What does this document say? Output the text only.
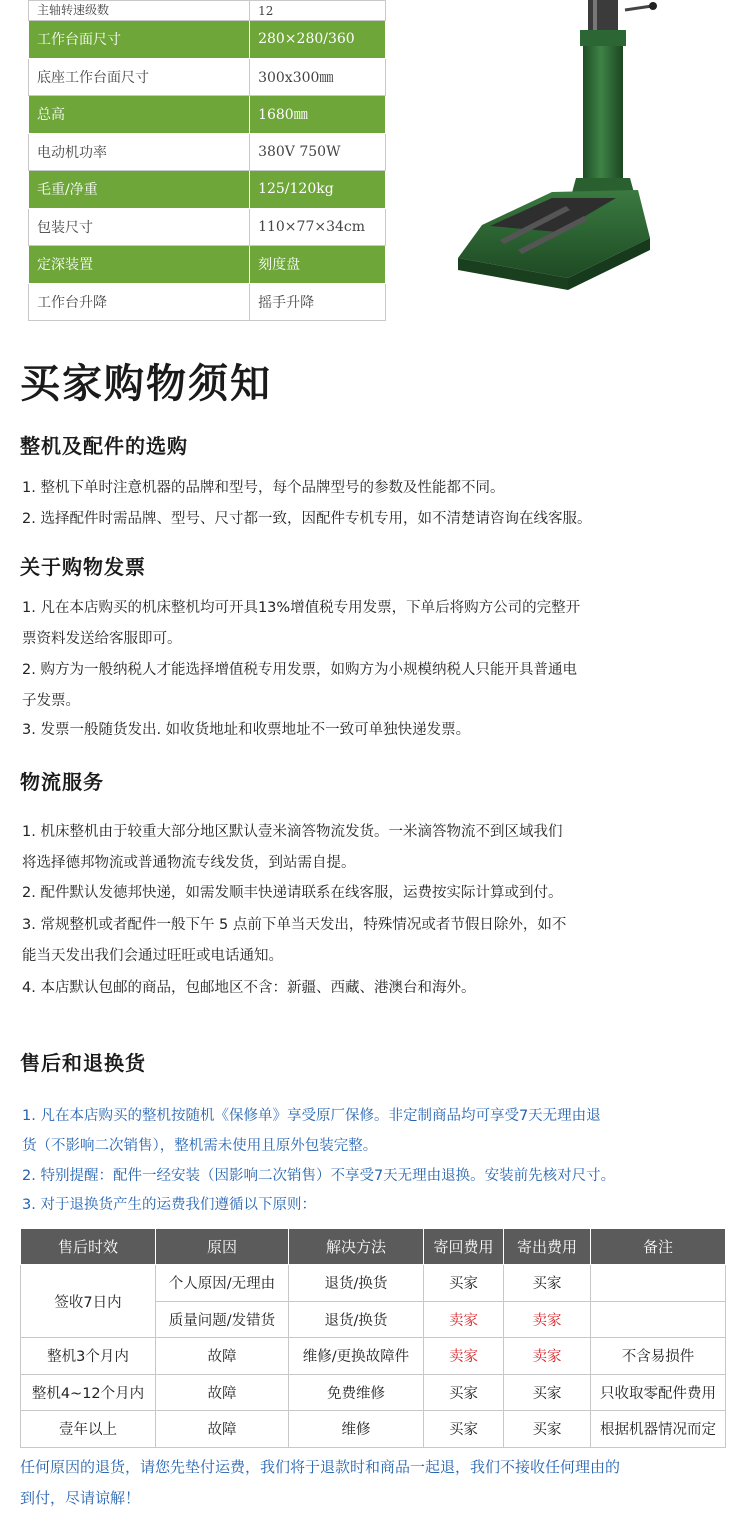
主轴转速级数	12
工作台面尺寸	280×280/360
底座工作台面尺寸	300x300㎜
总高	1680㎜
电动机功率	380V 750W
毛重/净重	125/120kg
包装尺寸	110×77×34cm
定深装置	刻度盘
工作台升降	摇手升降
买家购物须知
整机及配件的选购
1. 整机下单时注意机器的品牌和型号，每个品牌型号的参数及性能都不同。
2. 选择配件时需品牌、型号、尺寸都一致，因配件专机专用，如不清楚请咨询在线客服。
关于购物发票
1. 凡在本店购买的机床整机均可开具13%增值税专用发票，下单后将购方公司的完整开
票资料发送给客服即可。
2. 购方为一般纳税人才能选择增值税专用发票，如购方为小规模纳税人只能开具普通电
子发票。
3. 发票一般随货发出. 如收货地址和收票地址不一致可单独快递发票。
物流服务
1. 机床整机由于较重大部分地区默认壹米滴答物流发货。一米滴答物流不到区域我们
将选择德邦物流或普通物流专线发货，到站需自提。
2. 配件默认发德邦快递，如需发顺丰快递请联系在线客服，运费按实际计算或到付。
3. 常规整机或者配件一般下午 5 点前下单当天发出，特殊情况或者节假日除外，如不
能当天发出我们会通过旺旺或电话通知。
4. 本店默认包邮的商品，包邮地区不含：新疆、西藏、港澳台和海外。
售后和退换货
1. 凡在本店购买的整机按随机《保修单》享受原厂保修。非定制商品均可享受7天无理由退
货（不影响二次销售），整机需未使用且原外包装完整。
2. 特别提醒：配件一经安装（因影响二次销售）不享受7天无理由退换。安装前先核对尺寸。
3. 对于退换货产生的运费我们遵循以下原则：
售后时效	原因	解决方法	寄回费用	寄出费用	备注
签收7日内	个人原因/无理由	退货/换货	买家	买家	
	质量问题/发错货	退货/换货	卖家	卖家	
整机3个月内	故障	维修/更换故障件	卖家	卖家	不含易损件
整机4~12个月内	故障	免费维修	买家	买家	只收取零配件费用
壹年以上	故障	维修	买家	买家	根据机器情况而定
任何原因的退货，请您先垫付运费，我们将于退款时和商品一起退，我们不接收任何理由的
到付，尽请谅解！
